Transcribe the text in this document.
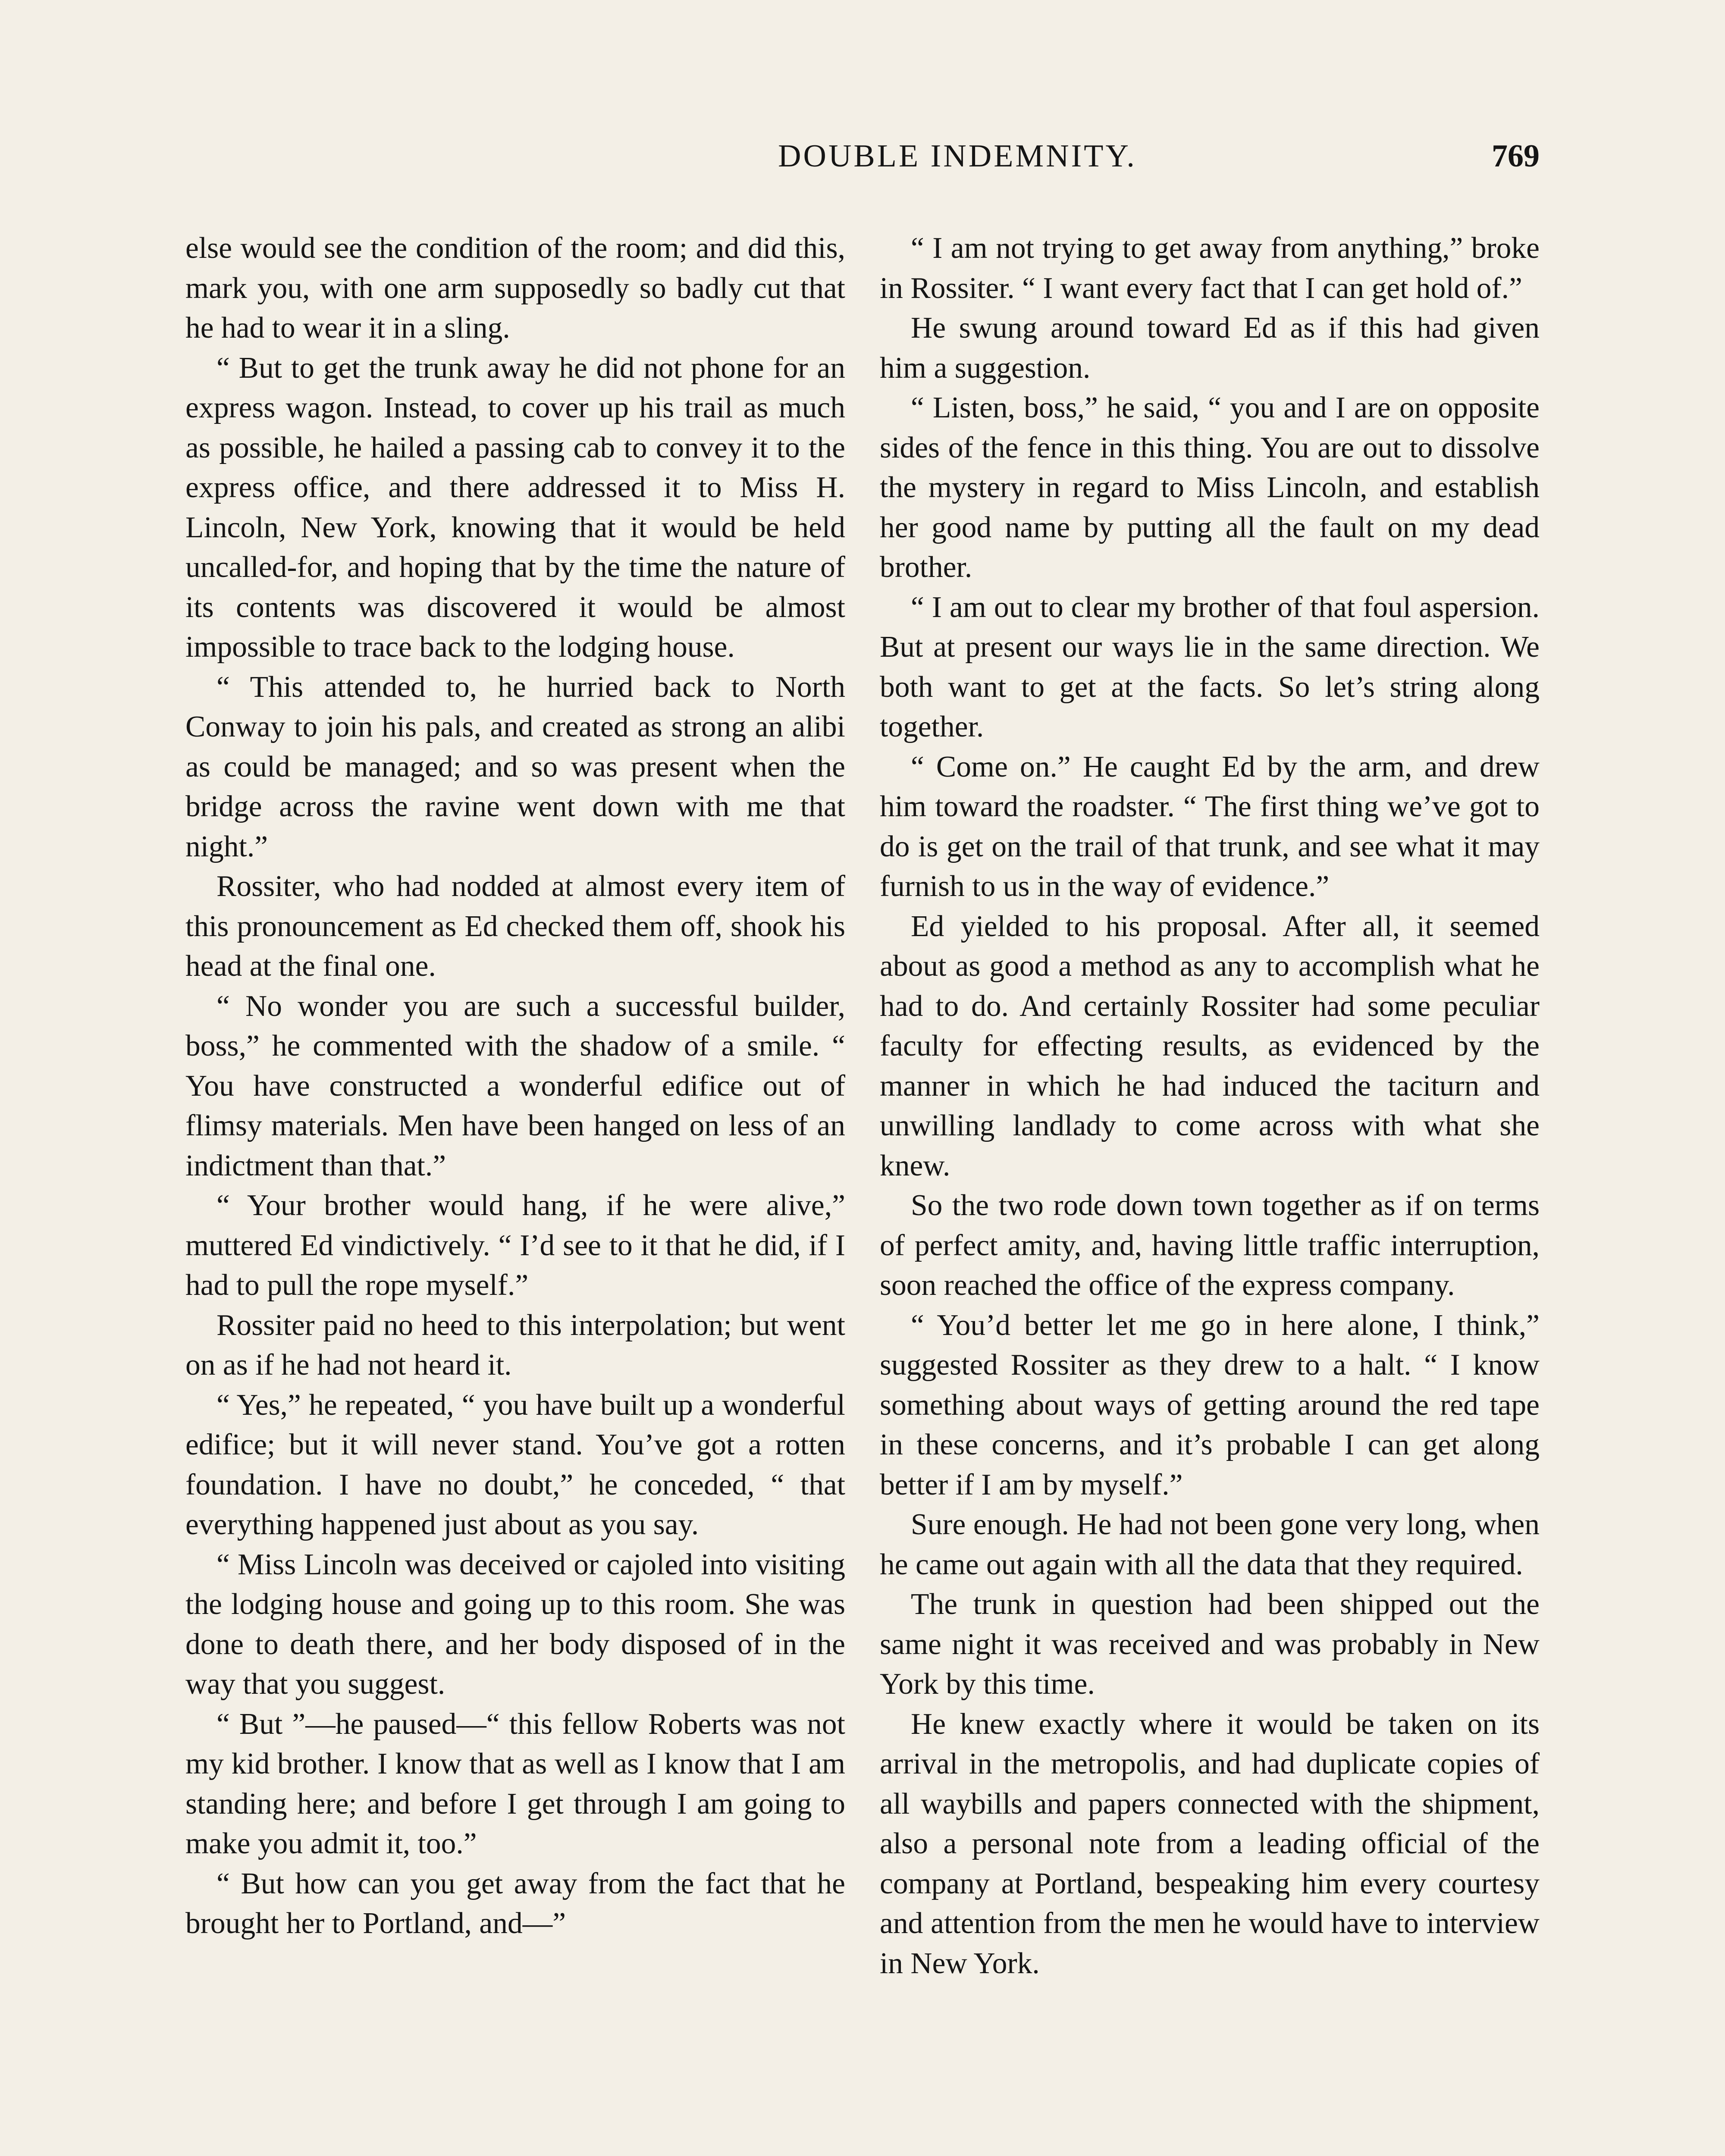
DOUBLE INDEMNITY.	769

else would see the condition of the room; and did this, mark you, with one arm supposedly so badly cut that he had to wear it in a sling.

“ But to get the trunk away he did not phone for an express wagon. Instead, to cover up his trail as much as possible, he hailed a passing cab to convey it to the express office, and there addressed it to Miss H. Lincoln, New York, knowing that it would be held uncalled-for, and hoping that by the time the nature of its contents was discovered it would be almost impossible to trace back to the lodging house.

“ This attended to, he hurried back to North Conway to join his pals, and created as strong an alibi as could be managed; and so was present when the bridge across the ravine went down with me that night.”

Rossiter, who had nodded at almost every item of this pronouncement as Ed checked them off, shook his head at the final one.

“ No wonder you are such a successful builder, boss,” he commented with the shadow of a smile. “ You have constructed a wonderful edifice out of flimsy materials. Men have been hanged on less of an indictment than that.”

“ Your brother would hang, if he were alive,” muttered Ed vindictively. “ I’d see to it that he did, if I had to pull the rope myself.”

Rossiter paid no heed to this interpolation; but went on as if he had not heard it.

“ Yes,” he repeated, “ you have built up a wonderful edifice; but it will never stand. You’ve got a rotten foundation. I have no doubt,” he conceded, “ that everything happened just about as you say.

“ Miss Lincoln was deceived or cajoled into visiting the lodging house and going up to this room. She was done to death there, and her body disposed of in the way that you suggest.

“ But ”—he paused—“ this fellow Roberts was not my kid brother. I know that as well as I know that I am standing here; and before I get through I am going to make you admit it, too.”

“ But how can you get away from the fact that he brought her to Portland, and—”

“ I am not trying to get away from anything,” broke in Rossiter. “ I want every fact that I can get hold of.”

He swung around toward Ed as if this had given him a suggestion.

“ Listen, boss,” he said, “ you and I are on opposite sides of the fence in this thing. You are out to dissolve the mystery in regard to Miss Lincoln, and establish her good name by putting all the fault on my dead brother.

“ I am out to clear my brother of that foul aspersion. But at present our ways lie in the same direction. We both want to get at the facts. So let’s string along together.

“ Come on.” He caught Ed by the arm, and drew him toward the roadster. “ The first thing we’ve got to do is get on the trail of that trunk, and see what it may furnish to us in the way of evidence.”

Ed yielded to his proposal. After all, it seemed about as good a method as any to accomplish what he had to do. And certainly Rossiter had some peculiar faculty for effecting results, as evidenced by the manner in which he had induced the taciturn and unwilling landlady to come across with what she knew.

So the two rode down town together as if on terms of perfect amity, and, having little traffic interruption, soon reached the office of the express company.

“ You’d better let me go in here alone, I think,” suggested Rossiter as they drew to a halt. “ I know something about ways of getting around the red tape in these concerns, and it’s probable I can get along better if I am by myself.”

Sure enough. He had not been gone very long, when he came out again with all the data that they required.

The trunk in question had been shipped out the same night it was received and was probably in New York by this time.

He knew exactly where it would be taken on its arrival in the metropolis, and had duplicate copies of all waybills and papers connected with the shipment, also a personal note from a leading official of the company at Portland, bespeaking him every courtesy and attention from the men he would have to interview in New York.
